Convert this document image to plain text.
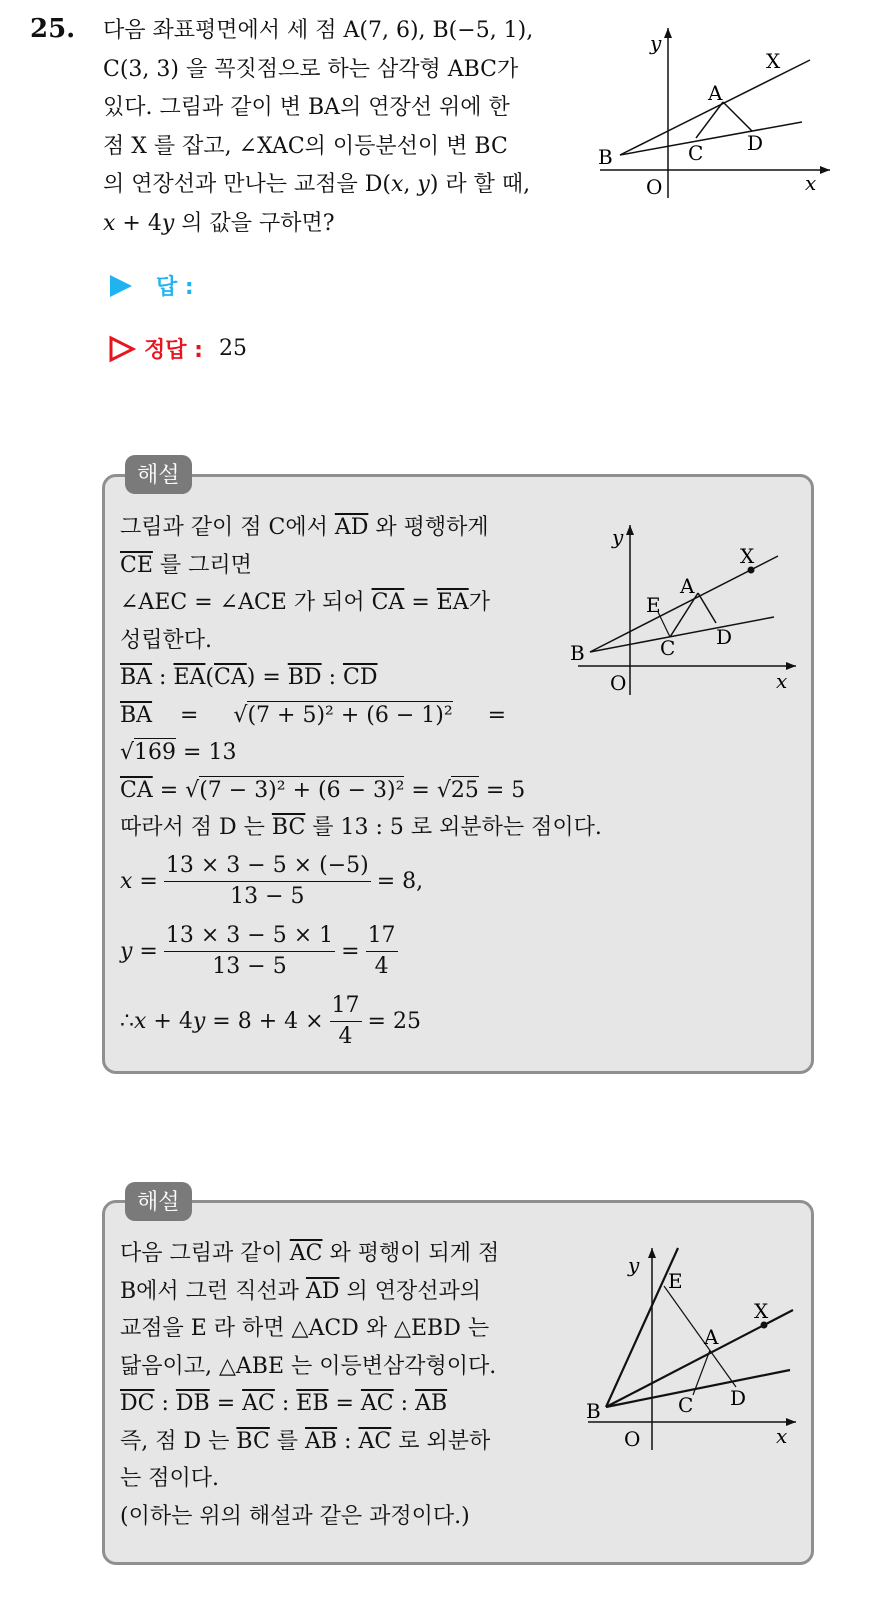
25. 다음 좌표평면에서 세 점 A(7, 6), B(−5, 1),
C(3, 3) 을 꼭짓점으로 하는 삼각형 ABC가
있다. 그림과 같이 변 BA의 연장선 위에 한
점 X 를 잡고, ∠XAC의 이등분선이 변 BC
의 연장선과 만나는 교점을 D(x, y) 라 할 때,
x + 4y 의 값을 구하면?
X
A
B	C D
O	x
y
답 :
정답 : 25
해설
그림과 같이 점 C에서 $\overline{AD}$ 와 평행하게
$\overline{CE}$ 를 그리면
∠AEC = ∠ACE 가 되어 $\overline{CA} = \overline{EA}$가
성립한다.
$\overline{BA}$ : $\overline{EA}(\overline{CA}) = \overline{BD}$ : $\overline{CD}$
$\overline{BA}$    =     √(7 + 5)² + (6 − 1)²     =
√169 = 13
$\overline{CA} = √(7 - 3)^2 + (6 - 3)^2 = √25 = 5$
따라서 점 D 는 $\overline{BC}$ 를 13 : 5 로 외분하는 점이다.
$x = \frac{13 \times 3 - 5 \times (-5)}{13 - 5} = 8$,
$y = \frac{13 \times 3 - 5 \times 1}{13 - 5} = \frac{17}{4}$
∴ x + 4 $y = 8 + 4 \times \frac{17}{4} = 25$
X
A
E
B	C D
O	x
y
해설
다음 그림과 같이 $\overline{AC}$ 와 평행이 되게 점
B에서 그런 직선과 $\overline{AD}$ 의 연장선과의
교점을 E 라 하면 △ACD 와 △EBD 는
닮음이고, △ABE 는 이등변삼각형이다.
$\overline{DC}$ : $\overline{DB} = \overline{AC}$ : $\overline{EB} = \overline{AC}$ : $\overline{AB}$
즉, 점 D 는 $\overline{BC}$ 를 $\overline{AB}$ : $\overline{AC}$ 로 외분하
는 점이다.
(이하는 위의 해설과 같은 과정이다.)
X
A
E
B	C D
O	x
y
